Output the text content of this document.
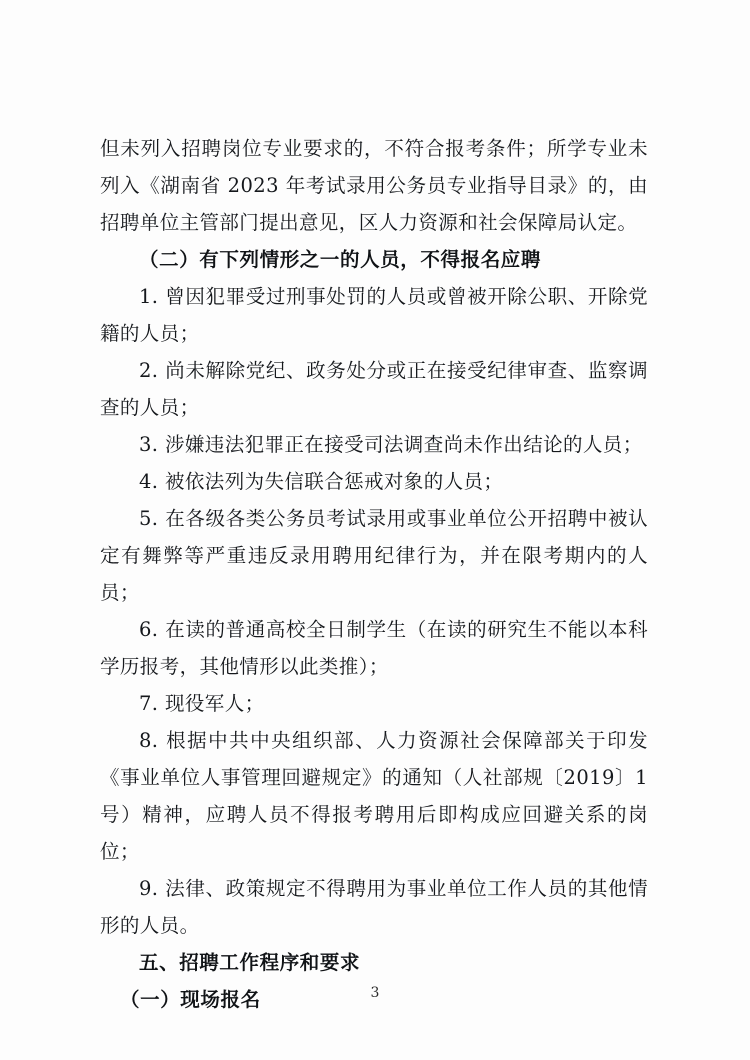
但未列入招聘岗位专业要求的，不符合报考条件；所学专业未列入《湖南省 2023 年考试录用公务员专业指导目录》的，由招聘单位主管部门提出意见，区人力资源和社会保障局认定。

（二）有下列情形之一的人员，不得报名应聘

1. 曾因犯罪受过刑事处罚的人员或曾被开除公职、开除党籍的人员；

2. 尚未解除党纪、政务处分或正在接受纪律审查、监察调查的人员；

3. 涉嫌违法犯罪正在接受司法调查尚未作出结论的人员；

4. 被依法列为失信联合惩戒对象的人员；

5. 在各级各类公务员考试录用或事业单位公开招聘中被认定有舞弊等严重违反录用聘用纪律行为，并在限考期内的人员；

6. 在读的普通高校全日制学生（在读的研究生不能以本科学历报考，其他情形以此类推）；

7. 现役军人；

8. 根据中共中央组织部、人力资源社会保障部关于印发《事业单位人事管理回避规定》的通知（人社部规〔2019〕1 号）精神，应聘人员不得报考聘用后即构成应回避关系的岗位；

9. 法律、政策规定不得聘用为事业单位工作人员的其他情形的人员。

五、招聘工作程序和要求

（一）现场报名	3
